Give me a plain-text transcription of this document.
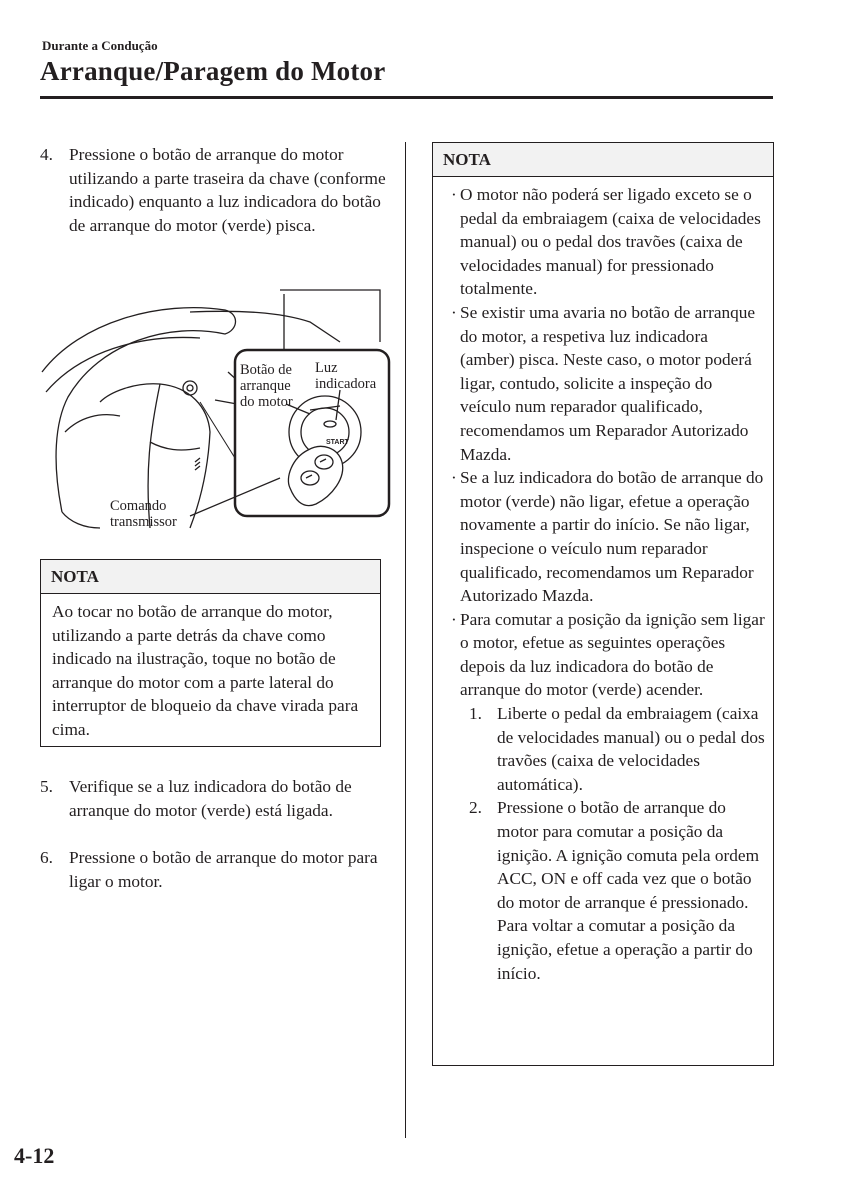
Durante a Condução
Arranque/Paragem do Motor
4. Pressione o botão de arranque do motor utilizando a parte traseira da chave (conforme indicado) enquanto a luz indicadora do botão de arranque do motor (verde) pisca.
Botão de
arranque
do motor
Luz
indicadora
START
Comando
transmissor
NOTA
Ao tocar no botão de arranque do motor, utilizando a parte detrás da chave como indicado na ilustração, toque no botão de arranque do motor com a parte lateral do interruptor de bloqueio da chave virada para cima.
5. Verifique se a luz indicadora do botão de arranque do motor (verde) está ligada.
6. Pressione o botão de arranque do motor para ligar o motor.
NOTA
· O motor não poderá ser ligado exceto se o pedal da embraiagem (caixa de velocidades manual) ou o pedal dos travões (caixa de velocidades manual) for pressionado totalmente.
· Se existir uma avaria no botão de arranque do motor, a respetiva luz indicadora (amber) pisca. Neste caso, o motor poderá ligar, contudo, solicite a inspeção do veículo num reparador qualificado, recomendamos um Reparador Autorizado Mazda.
· Se a luz indicadora do botão de arranque do motor (verde) não ligar, efetue a operação novamente a partir do início. Se não ligar, inspecione o veículo num reparador qualificado, recomendamos um Reparador Autorizado Mazda.
· Para comutar a posição da ignição sem ligar o motor, efetue as seguintes operações depois da luz indicadora do botão de arranque do motor (verde) acender.
1. Liberte o pedal da embraiagem (caixa de velocidades manual) ou o pedal dos travões (caixa de velocidades automática).
2. Pressione o botão de arranque do motor para comutar a posição da ignição. A ignição comuta pela ordem ACC, ON e off cada vez que o botão do motor de arranque é pressionado. Para voltar a comutar a posição da ignição, efetue a operação a partir do início.
4-12
